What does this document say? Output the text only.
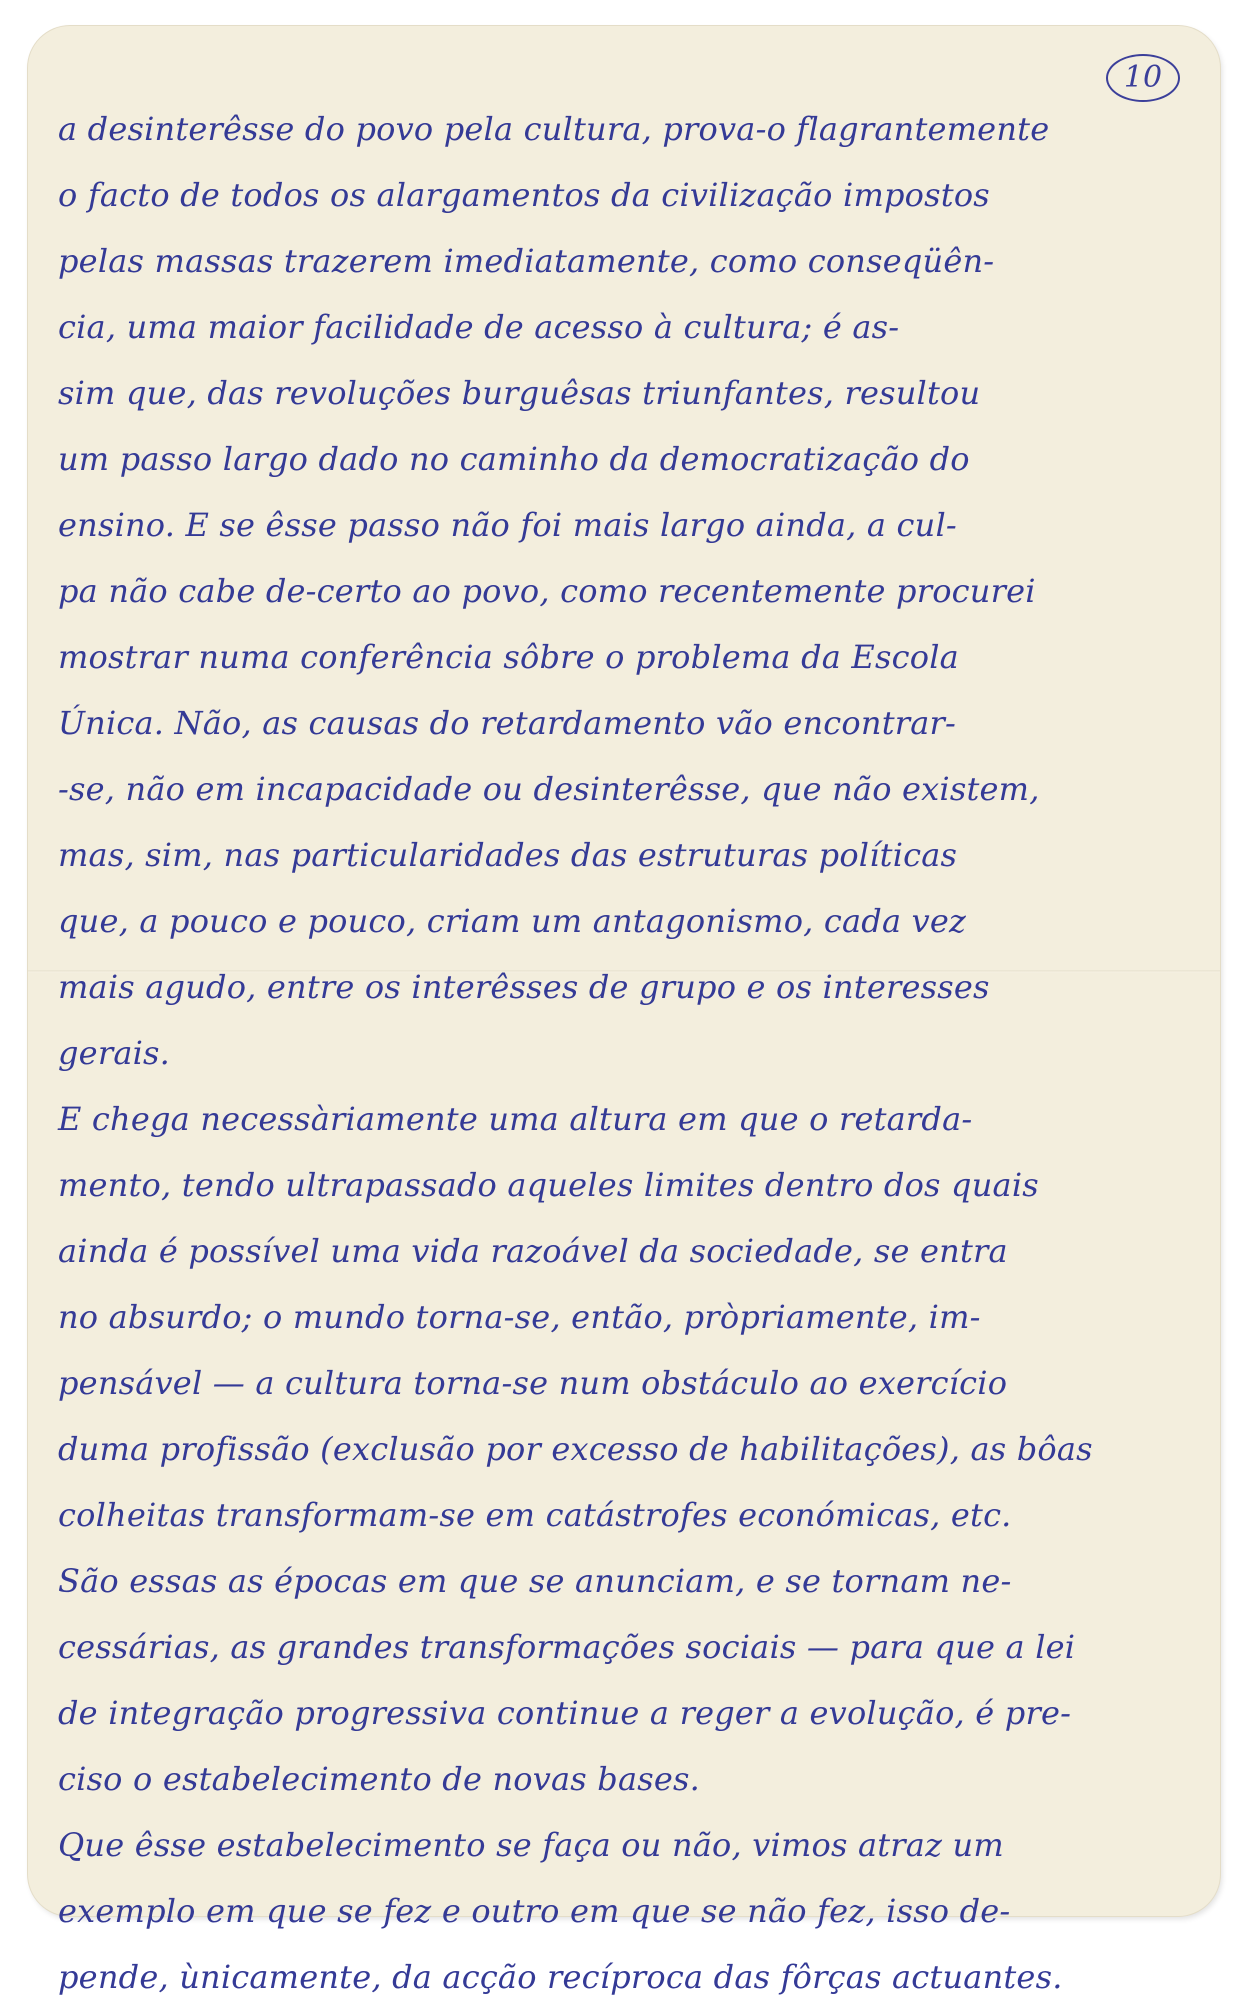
10
a desinterêsse do povo pela cultura, prova-o flagrantemente
o facto de todos os alargamentos da civilização impostos
pelas massas trazerem imediatamente, como conseqüên-
cia, uma maior facilidade de acesso à cultura; é as-
sim que, das revoluções burguêsas triunfantes, resultou
um passo largo dado no caminho da democratização do
ensino. E se êsse passo não foi mais largo ainda, a cul-
pa não cabe de-certo ao povo, como recentemente procurei
mostrar numa conferência sôbre o problema da Escola
Única. Não, as causas do retardamento vão encontrar-
-se, não em incapacidade ou desinterêsse, que não existem,
mas, sim, nas particularidades das estruturas políticas
que, a pouco e pouco, criam um antagonismo, cada vez
mais agudo, entre os interêsses de grupo e os interesses
gerais.
E chega necessàriamente uma altura em que o retarda-
mento, tendo ultrapassado aqueles limites dentro dos quais
ainda é possível uma vida razoável da sociedade, se entra
no absurdo; o mundo torna-se, então, pròpriamente, im-
pensável — a cultura torna-se num obstáculo ao exercício
duma profissão (exclusão por excesso de habilitações), as bôas
colheitas transformam-se em catástrofes económicas, etc.
São essas as épocas em que se anunciam, e se tornam ne-
cessárias, as grandes transformações sociais — para que a lei
de integração progressiva continue a reger a evolução, é pre-
ciso o estabelecimento de novas bases.
Que êsse estabelecimento se faça ou não, vimos atraz um
exemplo em que se fez e outro em que se não fez, isso de-
pende, ùnicamente, da acção recíproca das fôrças actuantes.
